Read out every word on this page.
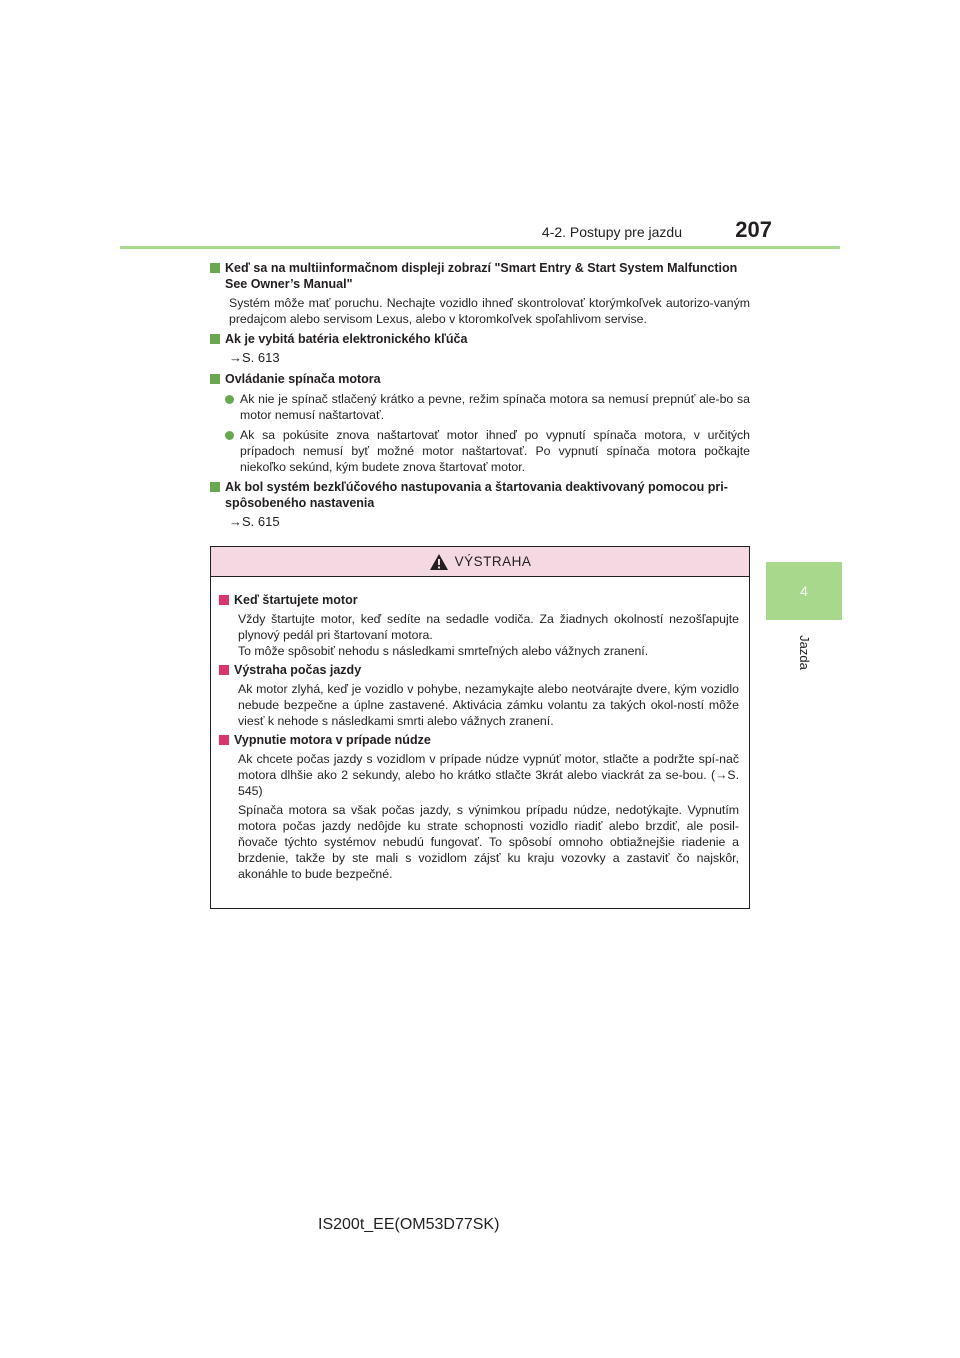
4-2. Postupy pre jazdu 207
4
Jazda
Keď sa na multiinformačnom displeji zobrazí "Smart Entry & Start System Malfunction See Owner’s Manual"
Systém môže mať poruchu. Nechajte vozidlo ihneď skontrolovať ktorýmkoľvek autorizo-vaným predajcom alebo servisom Lexus, alebo v ktoromkoľvek spoľahlivom servise.
Ak je vybitá batéria elektronického kľúča
→S. 613
Ovládanie spínača motora
Ak nie je spínač stlačený krátko a pevne, režim spínača motora sa nemusí prepnúť ale-bo sa motor nemusí naštartovať.
Ak sa pokúsite znova naštartovať motor ihneď po vypnutí spínača motora, v určitých prípadoch nemusí byť možné motor naštartovať. Po vypnutí spínača motora počkajte niekoľko sekúnd, kým budete znova štartovať motor.
Ak bol systém bezkľúčového nastupovania a štartovania deaktivovaný pomocou pri-spôsobeného nastavenia
→S. 615
VÝSTRAHA
Keď štartujete motor
Vždy štartujte motor, keď sedíte na sedadle vodiča. Za žiadnych okolností nezošľapujte plynový pedál pri štartovaní motora.
To môže spôsobiť nehodu s následkami smrteľných alebo vážnych zranení.
Výstraha počas jazdy
Ak motor zlyhá, keď je vozidlo v pohybe, nezamykajte alebo neotvárajte dvere, kým vozidlo nebude bezpečne a úplne zastavené. Aktivácia zámku volantu za takých okol-ností môže viesť k nehode s následkami smrti alebo vážnych zranení.
Vypnutie motora v prípade núdze
Ak chcete počas jazdy s vozidlom v prípade núdze vypnúť motor, stlačte a podržte spí-nač motora dlhšie ako 2 sekundy, alebo ho krátko stlačte 3krát alebo viackrát za se-bou. (→S. 545)
Spínača motora sa však počas jazdy, s výnimkou prípadu núdze, nedotýkajte. Vypnutím motora počas jazdy nedôjde ku strate schopnosti vozidlo riadiť alebo brzdiť, ale posil-ňovače týchto systémov nebudú fungovať. To spôsobí omnoho obtiažnejšie riadenie a brzdenie, takže by ste mali s vozidlom zájsť ku kraju vozovky a zastaviť čo najskôr, akonáhle to bude bezpečné.
IS200t_EE(OM53D77SK)
